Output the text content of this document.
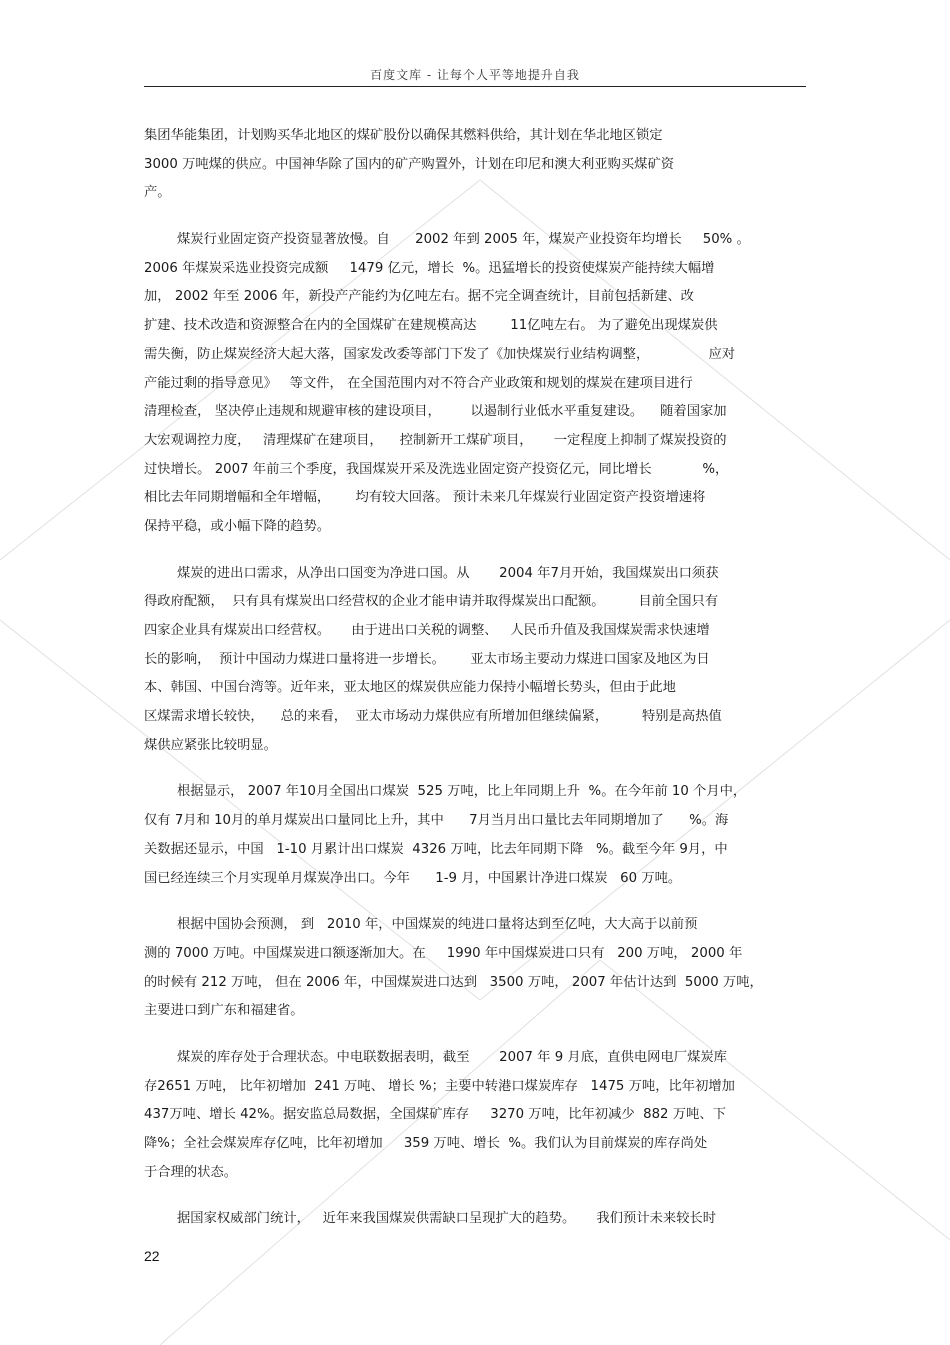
百度文库 - 让每个人平等地提升自我
集团华能集团，计划购买华北地区的煤矿股份以确保其燃料供给，其计划在华北地区锁定
3000 万吨煤的供应。中国神华除了国内的矿产购置外，计划在印尼和澳大利亚购买煤矿资
产。
煤炭行业固定资产投资显著放慢。自      2002 年到 2005 年，煤炭产业投资年均增长     50% 。
2006 年煤炭采选业投资完成额     1479 亿元，增长  %。迅猛增长的投资使煤炭产能持续大幅增
加， 2002 年至 2006 年，新投产产能约为亿吨左右。据不完全调查统计，目前包括新建、改
扩建、技术改造和资源整合在内的全国煤矿在建规模高达        11亿吨左右。 为了避免出现煤炭供
需失衡，防止煤炭经济大起大落，国家发改委等部门下发了《加快煤炭行业结构调整，              应对
产能过剩的指导意见》   等文件， 在全国范围内对不符合产业政策和规划的煤炭在建项目进行
清理检查， 坚决停止违规和规避审核的建设项目，       以遏制行业低水平重复建设。    随着国家加
大宏观调控力度，   清理煤矿在建项目，    控制新开工煤矿项目，     一定程度上抑制了煤炭投资的
过快增长。 2007 年前三个季度，我国煤炭开采及洗选业固定资产投资亿元，同比增长            %，
相比去年同期增幅和全年增幅，      均有较大回落。 预计未来几年煤炭行业固定资产投资增速将
保持平稳，或小幅下降的趋势。
煤炭的进出口需求，从净出口国变为净进口国。从       2004 年7月开始，我国煤炭出口须获
得政府配额，  只有具有煤炭出口经营权的企业才能申请并取得煤炭出口配额。        目前全国只有
四家企业具有煤炭出口经营权。     由于进出口关税的调整、   人民币升值及我国煤炭需求快速增
长的影响，  预计中国动力煤进口量将进一步增长。      亚太市场主要动力煤进口国家及地区为日
本、韩国、中国台湾等。近年来，亚太地区的煤炭供应能力保持小幅增长势头，但由于此地
区煤需求增长较快，    总的来看，  亚太市场动力煤供应有所增加但继续偏紧，        特别是高热值
煤供应紧张比较明显。
根据显示， 2007 年10月全国出口煤炭  525 万吨，比上年同期上升  %。在今年前 10 个月中，
仅有 7月和 10月的单月煤炭出口量同比上升，其中      7月当月出口量比去年同期增加了      %。海
关数据还显示，中国   1-10 月累计出口煤炭  4326 万吨，比去年同期下降   %。截至今年 9月，中
国已经连续三个月实现单月煤炭净出口。今年      1-9 月，中国累计净进口煤炭   60 万吨。
根据中国协会预测， 到   2010 年，中国煤炭的纯进口量将达到至亿吨，大大高于以前预
测的 7000 万吨。中国煤炭进口额逐渐加大。在     1990 年中国煤炭进口只有   200 万吨， 2000 年
的时候有 212 万吨， 但在 2006 年，中国煤炭进口达到   3500 万吨， 2007 年估计达到  5000 万吨，
主要进口到广东和福建省。
煤炭的库存处于合理状态。中电联数据表明，截至       2007 年 9 月底，直供电网电厂煤炭库
存2651 万吨， 比年初增加  241 万吨、 增长 %；主要中转港口煤炭库存   1475 万吨，比年初增加
437万吨、增长 42%。据安监总局数据，全国煤矿库存     3270 万吨，比年初减少  882 万吨、下
降%；全社会煤炭库存亿吨，比年初增加     359 万吨、增长  %。我们认为目前煤炭的库存尚处
于合理的状态。
据国家权威部门统计，   近年来我国煤炭供需缺口呈现扩大的趋势。     我们预计未来较长时
22
